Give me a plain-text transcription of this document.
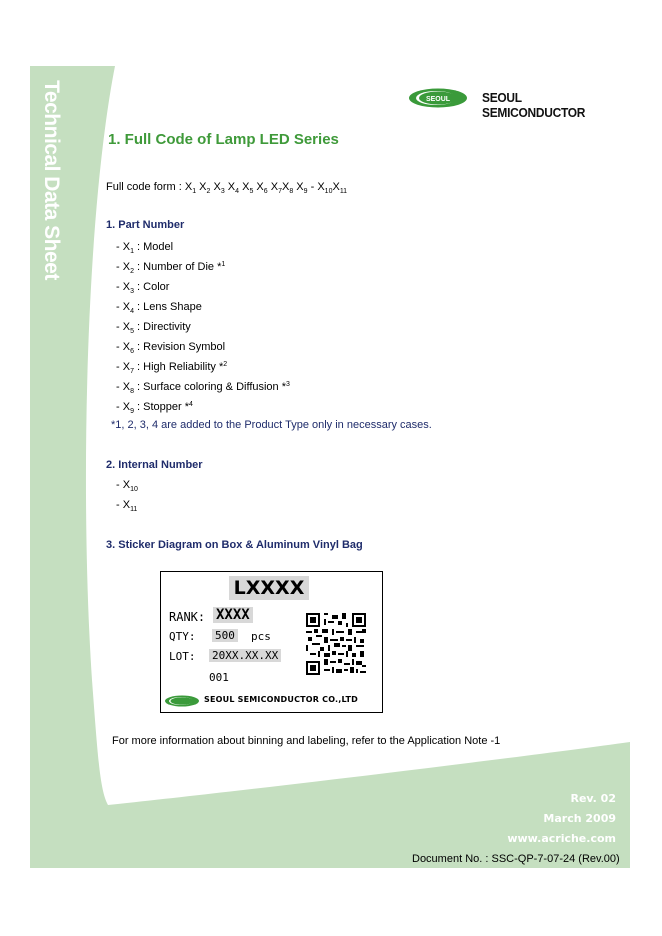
Technical Data Sheet	SEOUL SEOUL SEMICONDUCTOR
1. Full Code of Lamp LED Series
Full code form : $X_1$ $X_2$ $X_3$ $X_4$ $X_5$ $X_6$ $X_7X_8$ $X_9 - X_{10}X_{11}$
1. Part Number
- $X_1$ : Model
- $X_2$ : Number of Die *$^1$
- $X_3$ : Color
- $X_4$ : Lens Shape
- $X_5$ : Directivity
- $X_6$ : Revision Symbol
- $X_7$ : High Reliability *$^2$
- $X_8$ : Surface coloring & Diffusion *$^3$
- $X_9$ : Stopper *$^4$
*1, 2, 3, 4 are added to the Product Type only in necessary cases.
2. Internal Number
- $X_{10}$
- $X_{11}$
3. Sticker Diagram on Box & Aluminum Vinyl Bag
LXXXX
RANK: XXXX
QTY: 500 pcs
LOT: 20XX.XX.XX
001
SEOUL SEMICONDUCTOR CO.,LTD
For more information about binning and labeling, refer to the Application Note -1
Rev. 02
March 2009
www.acriche.com
Document No. : SSC-QP-7-07-24 (Rev.00)
